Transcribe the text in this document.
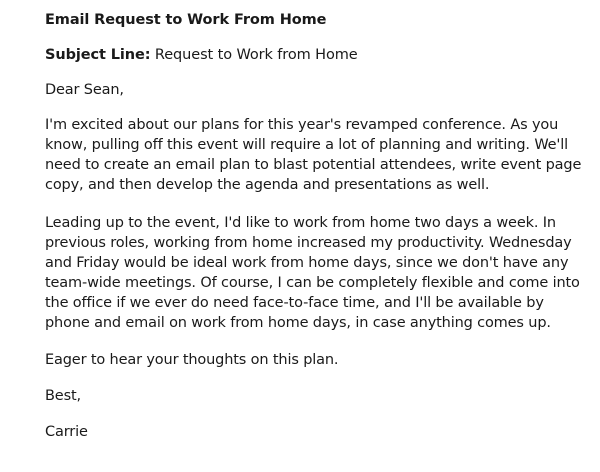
Email Request to Work From Home

Subject Line: Request to Work from Home

Dear Sean,

I'm excited about our plans for this year's revamped conference. As you know, pulling off this event will require a lot of planning and writing. We'll need to create an email plan to blast potential attendees, write event page copy, and then develop the agenda and presentations as well.

Leading up to the event, I'd like to work from home two days a week. In previous roles, working from home increased my productivity. Wednesday and Friday would be ideal work from home days, since we don't have any team-wide meetings. Of course, I can be completely flexible and come into the office if we ever do need face-to-face time, and I'll be available by phone and email on work from home days, in case anything comes up.

Eager to hear your thoughts on this plan.

Best,

Carrie
